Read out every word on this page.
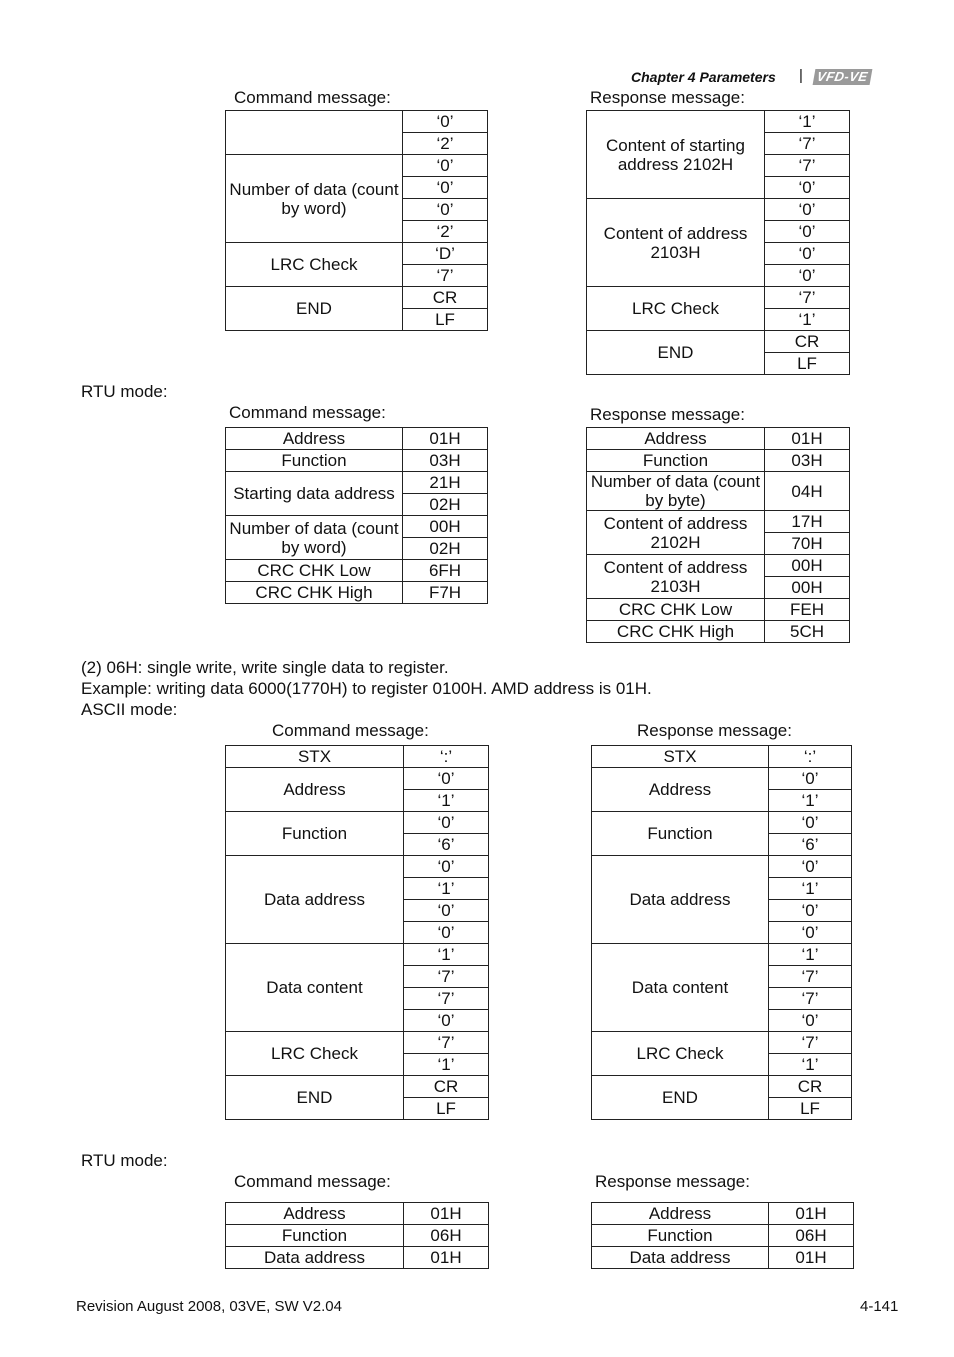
Chapter 4 Parameters | VFD-VE
Command message:	Response message:
	‘0’
	‘2’
Number of data (count by word)	‘0’
	‘0’
	‘0’
	‘2’
LRC Check	‘D’
	‘7’
END	CR
	LF
Content of starting address 2102H	‘1’
	‘7’
	‘7’
	‘0’
Content of address 2103H	‘0’
	‘0’
	‘0’
	‘0’
LRC Check	‘7’
	‘1’
END	CR
	LF
RTU mode:
Command message:	Response message:
Address	01H
Function	03H
Starting data address	21H
	02H
Number of data (count by word)	00H
	02H
CRC CHK Low	6FH
CRC CHK High	F7H
Address	01H
Function	03H
Number of data (count by byte)	04H
Content of address 2102H	17H
	70H
Content of address 2103H	00H
	00H
CRC CHK Low	FEH
CRC CHK High	5CH
(2) 06H: single write, write single data to register.
Example: writing data 6000(1770H) to register 0100H. AMD address is 01H.
ASCII mode:
Command message:	Response message:
STX	‘:’
Address	‘0’
	‘1’
Function	‘0’
	‘6’
Data address	‘0’
	‘1’
	‘0’
	‘0’
Data content	‘1’
	‘7’
	‘7’
	‘0’
LRC Check	‘7’
	‘1’
END	CR
	LF
STX	‘:’
Address	‘0’
	‘1’
Function	‘0’
	‘6’
Data address	‘0’
	‘1’
	‘0’
	‘0’
Data content	‘1’
	‘7’
	‘7’
	‘0’
LRC Check	‘7’
	‘1’
END	CR
	LF
RTU mode:
Command message:	Response message:
Address	01H
Function	06H
Data address	01H
Address	01H
Function	06H
Data address	01H
Revision August 2008, 03VE, SW V2.04	4-141
